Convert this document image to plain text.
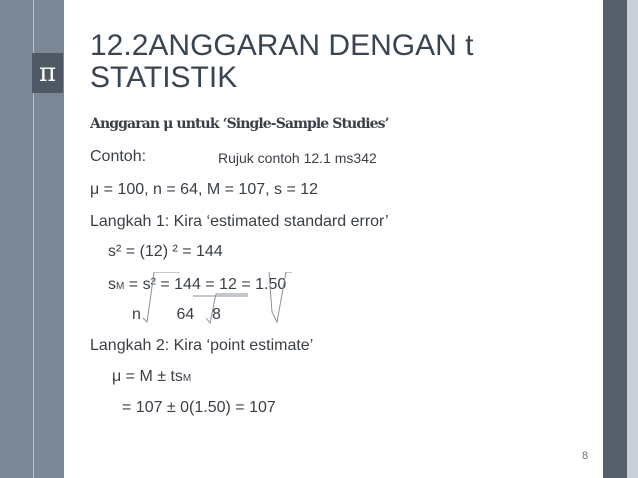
π
12.2ANGGARAN DENGAN t
STATISTIK
Anggaran μ untuk ‘Single-Sample Studies’
Contoh:	Rujuk contoh 12.1 ms342
μ = 100, n = 64, M = 107, s = 12
Langkah 1: Kira ‘estimated standard error’
s² = (12) ² = 144
sM = s² = 144 = 12 = 1.50
n        64    8
Langkah 2: Kira ‘point estimate’
μ = M ± tsM
= 107 ± 0(1.50) = 107
8
